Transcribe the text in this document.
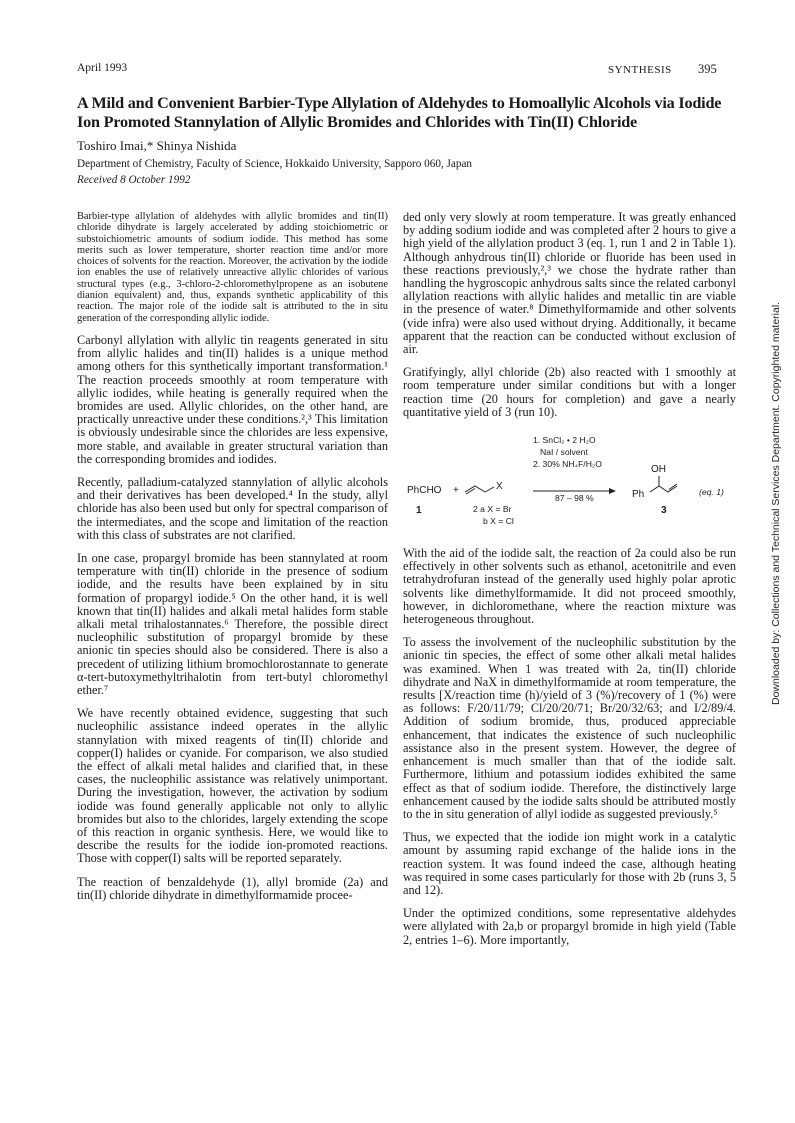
April 1993	SYNTHESIS 395
A Mild and Convenient Barbier-Type Allylation of Aldehydes to Homoallylic Alcohols via Iodide Ion Promoted Stannylation of Allylic Bromides and Chlorides with Tin(II) Chloride
Toshiro Imai,* Shinya Nishida
Department of Chemistry, Faculty of Science, Hokkaido University, Sapporo 060, Japan
Received 8 October 1992

Barbier-type allylation of aldehydes with allylic bromides and tin(II) chloride dihydrate is largely accelerated by adding stoichiometric or substoichiometric amounts of sodium iodide. This method has some merits such as lower temperature, shorter reaction time and/or more choices of solvents for the reaction. Moreover, the activation by the iodide ion enables the use of relatively unreactive allylic chlorides of various structural types (e.g., 3-chloro-2-chloromethylpropene as an isobutene dianion equivalent) and, thus, expands synthetic applicability of this reaction. The major role of the iodide salt is attributed to the in situ generation of the corresponding allylic iodide.

Carbonyl allylation with allylic tin reagents generated in situ from allylic halides and tin(II) halides is a unique method among others for this synthetically important transformation.¹ The reaction proceeds smoothly at room temperature with allylic iodides, while heating is generally required when the bromides are used. Allylic chlorides, on the other hand, are practically unreactive under these conditions.²,³ This limitation is obviously undesirable since the chlorides are less expensive, more stable, and available in greater structural variation than the corresponding bromides and iodides.

Recently, palladium-catalyzed stannylation of allylic alcohols and their derivatives has been developed.⁴ In the study, allyl chloride has also been used but only for spectral comparison of the intermediates, and the scope and limitation of the reaction with this class of substrates are not clarified.

In one case, propargyl bromide has been stannylated at room temperature with tin(II) chloride in the presence of sodium iodide, and the results have been explained by in situ formation of propargyl iodide.⁵ On the other hand, it is well known that tin(II) halides and alkali metal halides form stable alkali metal trihalostannates.⁶ Therefore, the possible direct nucleophilic substitution of propargyl bromide by these anionic tin species should also be considered. There is also a precedent of utilizing lithium bromochlorostannate to generate α-tert-butoxymethyltrihalotin from tert-butyl chloromethyl ether.⁷

We have recently obtained evidence, suggesting that such nucleophilic assistance indeed operates in the allylic stannylation with mixed reagents of tin(II) chloride and copper(I) halides or cyanide. For comparison, we also studied the effect of alkali metal halides and clarified that, in these cases, the nucleophilic assistance was relatively unimportant. During the investigation, however, the activation by sodium iodide was found generally applicable not only to allylic bromides but also to the chlorides, largely extending the scope of this reaction in organic synthesis. Here, we would like to describe the results for the iodide ion-promoted reactions. Those with copper(I) salts will be reported separately.

The reaction of benzaldehyde (1), allyl bromide (2a) and tin(II) chloride dihydrate in dimethylformamide procee-

ded only very slowly at room temperature. It was greatly enhanced by adding sodium iodide and was completed after 2 hours to give a high yield of the allylation product 3 (eq. 1, run 1 and 2 in Table 1). Although anhydrous tin(II) chloride or fluoride has been used in these reactions previously,²,³ we chose the hydrate rather than handling the hygroscopic anhydrous salts since the related carbonyl allylation reactions with allylic halides and metallic tin are viable in the presence of water.⁸ Dimethylformamide and other solvents (vide infra) were also used without drying. Additionally, it became apparent that the reaction can be conducted without exclusion of air.

Gratifyingly, allyl chloride (2b) also reacted with 1 smoothly at room temperature under similar conditions but with a longer reaction time (20 hours for completion) and gave a nearly quantitative yield of 3 (run 10).

1. SnCl₂ • 2 H₂O
NaI / solvent
2. 30% NH₄F/H₂O
87 – 98 %
PhCHO +	X
OH
Ph	(eq. 1)
1	2 a X = Br
b X = Cl
3

With the aid of the iodide salt, the reaction of 2a could also be run effectively in other solvents such as ethanol, acetonitrile and even tetrahydrofuran instead of the generally used highly polar aprotic solvents like dimethylformamide. It did not proceed smoothly, however, in dichloromethane, where the reaction mixture was heterogeneous throughout.

To assess the involvement of the nucleophilic substitution by the anionic tin species, the effect of some other alkali metal halides was examined. When 1 was treated with 2a, tin(II) chloride dihydrate and NaX in dimethylformamide at room temperature, the results [X/reaction time (h)/yield of 3 (%)/recovery of 1 (%) were as follows: F/20/11/79; Cl/20/20/71; Br/20/32/63; and I/2/89/4. Addition of sodium bromide, thus, produced appreciable enhancement, that indicates the existence of such nucleophilic assistance also in the present system. However, the degree of enhancement is much smaller than that of the iodide salt. Furthermore, lithium and potassium iodides exhibited the same effect as that of sodium iodide. Therefore, the distinctively large enhancement caused by the iodide salts should be attributed mostly to the in situ generation of allyl iodide as suggested previously.⁵

Thus, we expected that the iodide ion might work in a catalytic amount by assuming rapid exchange of the halide ions in the reaction system. It was found indeed the case, although heating was required in some cases particularly for those with 2b (runs 3, 5 and 12).

Under the optimized conditions, some representative aldehydes were allylated with 2a,b or propargyl bromide in high yield (Table 2, entries 1–6). More importantly,

Downloaded by: Collections and Technical Services Department. Copyrighted material.
